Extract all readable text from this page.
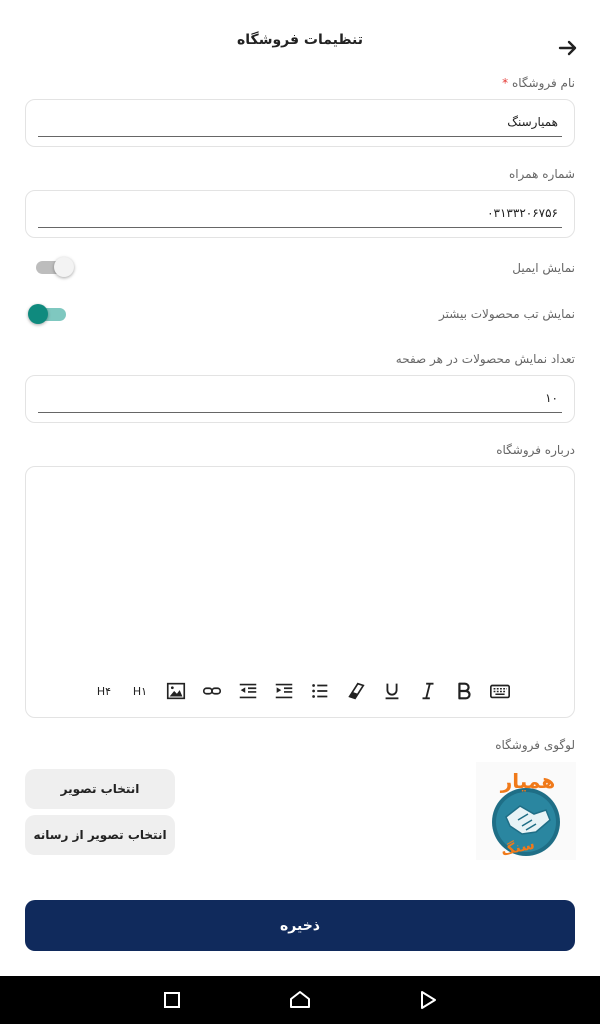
تنظیمات فروشگاه
نام فروشگاه *
همیارسنگ
شماره همراه
۰۳۱۳۳۲۰۶۷۵۶
نمایش ایمیل
نمایش تب محصولات بیشتر
تعداد نمایش محصولات در هر صفحه
۱۰
درباره فروشگاه
H۴ H۱
لوگوی فروشگاه
انتخاب تصویر
انتخاب تصویر از رسانه
همیار
سنگ
ذخیره
